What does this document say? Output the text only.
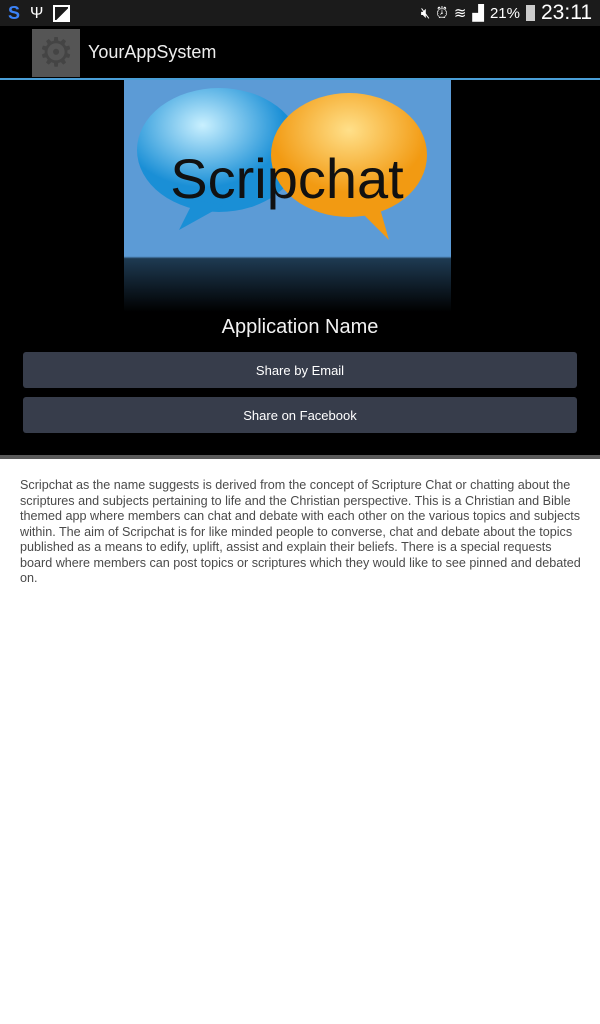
S Ψ	🔇︎ ⏰︎ ≋ ▟ 21% 23:11
⚙ YourAppSystem
Scripchat
Application Name
Share by Email
Share on Facebook

Scripchat as the name suggests is derived from the concept of Scripture Chat or chatting about the scriptures and subjects pertaining to life and the Christian perspective. This is a Christian and Bible themed app where members can chat and debate with each other on the various topics and subjects within. The aim of Scripchat is for like minded people to converse, chat and debate about the topics published as a means to edify, uplift, assist and explain their beliefs. There is a special requests board where members can post topics or scriptures which they would like to see pinned and debated on.
